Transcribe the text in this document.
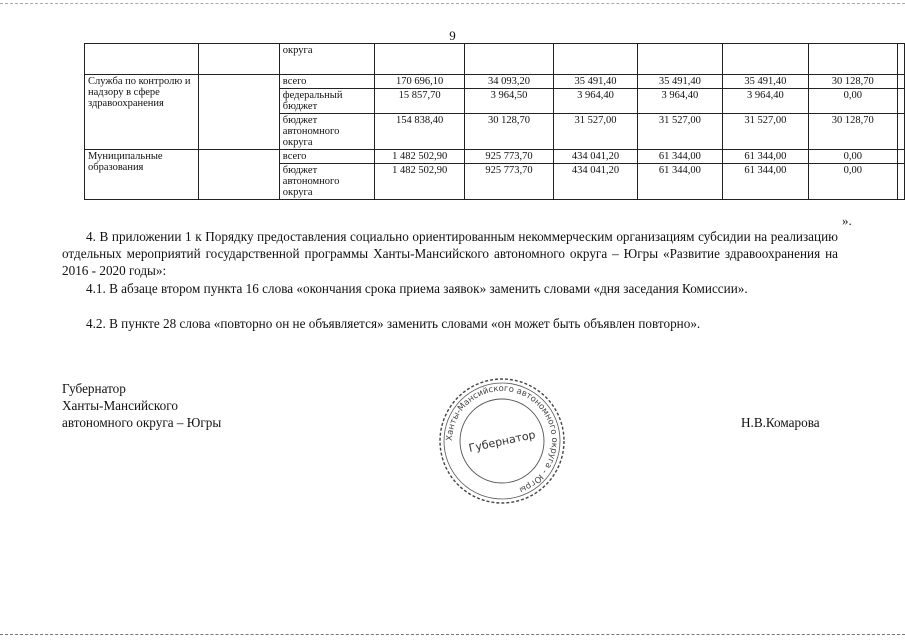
9
		округа							
Служба по контролю и надзору в сфере здравоохранения		всего	170 696,10	34 093,20	35 491,40	35 491,40	35 491,40	30 128,70	
		федеральный бюджет	15 857,70	3 964,50	3 964,40	3 964,40	3 964,40	0,00	
		бюджет автономного округа	154 838,40	30 128,70	31 527,00	31 527,00	31 527,00	30 128,70	
Муниципальные образования		всего	1 482 502,90	925 773,70	434 041,20	61 344,00	61 344,00	0,00	
		бюджет автономного округа	1 482 502,90	925 773,70	434 041,20	61 344,00	61 344,00	0,00	
».
4. В приложении 1 к Порядку предоставления социально ориентированным некоммерческим организациям субсидии на реализацию отдельных мероприятий государственной программы Ханты-Мансийского автономного округа – Югры «Развитие здравоохранения на 2016 - 2020 годы»:
4.1. В абзаце втором пункта 16 слова «окончания срока приема заявок» заменить словами «дня заседания Комиссии».
4.2. В пункте 28 слова «повторно он не объявляется» заменить словами «он может быть объявлен повторно».
Губернатор
Ханты-Мансийского
автономного округа – Югры
Ханты-Мансийского автономного округа - Югры
Губернатор
Н.В.Комарова
